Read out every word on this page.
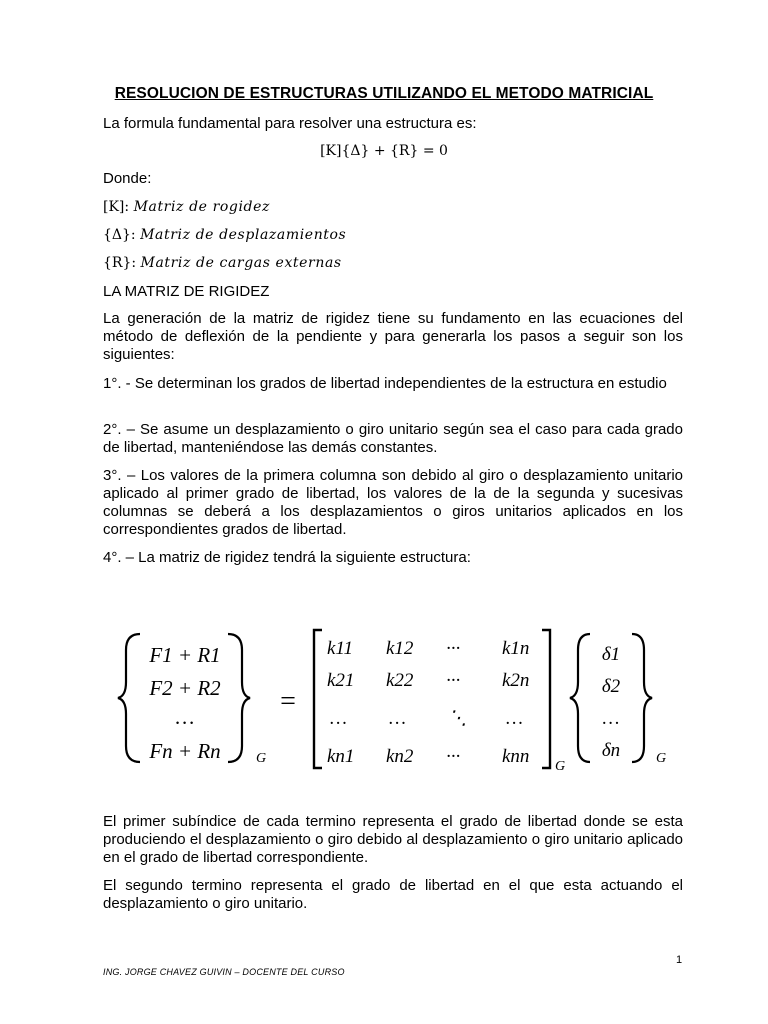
RESOLUCION DE ESTRUCTURAS UTILIZANDO EL METODO MATRICIAL
La formula fundamental para resolver una estructura es:
[K]{Δ} + {R} = 0
Donde:
[K]: Matriz de rogidez
{Δ}: Matriz de desplazamientos
{R}: Matriz de cargas externas
LA MATRIZ DE RIGIDEZ
La generación de la matriz de rigidez tiene su fundamento en las ecuaciones del método de deflexión de la pendiente y para generarla los pasos a seguir son los siguientes:
1°. - Se determinan los grados de libertad independientes de la estructura en estudio
2°. – Se asume un desplazamiento o giro unitario según sea el caso para cada grado de libertad, manteniéndose las demás constantes.
3°. – Los valores de la primera columna son debido al giro o desplazamiento unitario aplicado al primer grado de libertad, los valores de la de la segunda y sucesivas columnas se deberá a los desplazamientos o giros unitarios aplicados en los correspondientes grados de libertad.
4°. – La matriz de rigidez tendrá la siguiente estructura:
F1 + R1
F2 + R2
…
Fn + Rn	G
=
k11 k12 ··· k1n
k21 k22 ··· k2n
… … ⋱ …
kn1 kn2 ··· knn G
δ1
δ2
…
δn	G
El primer subíndice de cada termino representa el grado de libertad donde se esta produciendo el desplazamiento o giro debido al desplazamiento o giro unitario aplicado en el grado de libertad correspondiente.
El segundo termino representa el grado de libertad en el que esta actuando el desplazamiento o giro unitario.
1
ING. JORGE CHAVEZ GUIVIN – DOCENTE DEL CURSO
